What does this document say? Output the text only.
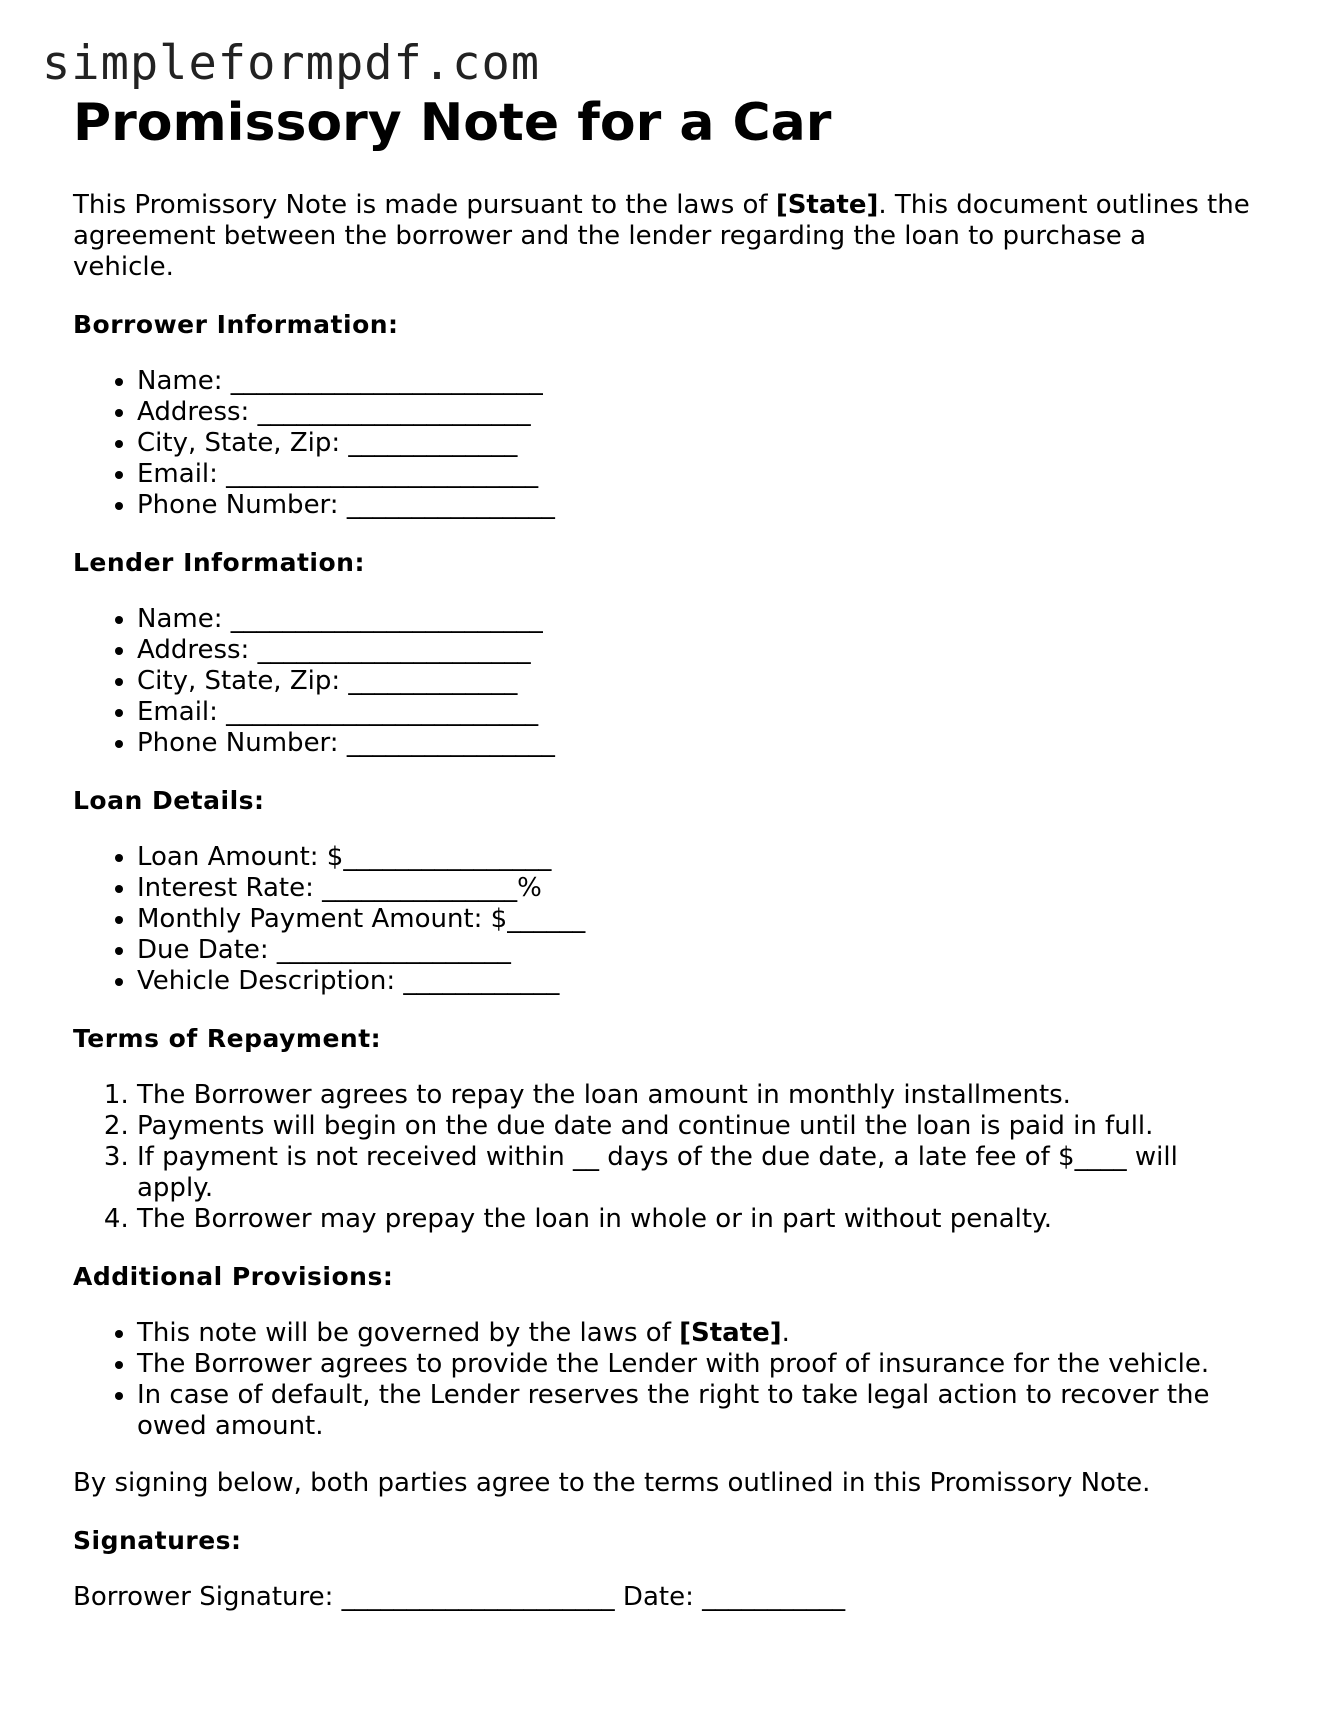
simpleformpdf.com
Promissory Note for a Car

This Promissory Note is made pursuant to the laws of [State]. This document outlines the agreement between the borrower and the lender regarding the loan to purchase a vehicle.

Borrower Information:
• Name: ________________________
• Address: _____________________
• City, State, Zip: _____________
• Email: ________________________
• Phone Number: ________________
Lender Information:
• Name: ________________________
• Address: _____________________
• City, State, Zip: _____________
• Email: ________________________
• Phone Number: ________________
Loan Details:
• Loan Amount: $________________
• Interest Rate: _______________%
• Monthly Payment Amount: $______
• Due Date: __________________
• Vehicle Description: ____________
Terms of Repayment:
1. The Borrower agrees to repay the loan amount in monthly installments.
2. Payments will begin on the due date and continue until the loan is paid in full.
3. If payment is not received within __ days of the due date, a late fee of $____ will apply.
4. The Borrower may prepay the loan in whole or in part without penalty.
Additional Provisions:
• This note will be governed by the laws of [State].
• The Borrower agrees to provide the Lender with proof of insurance for the vehicle.
• In case of default, the Lender reserves the right to take legal action to recover the owed amount.

By signing below, both parties agree to the terms outlined in this Promissory Note.

Signatures:

Borrower Signature: _____________________ Date: ___________
